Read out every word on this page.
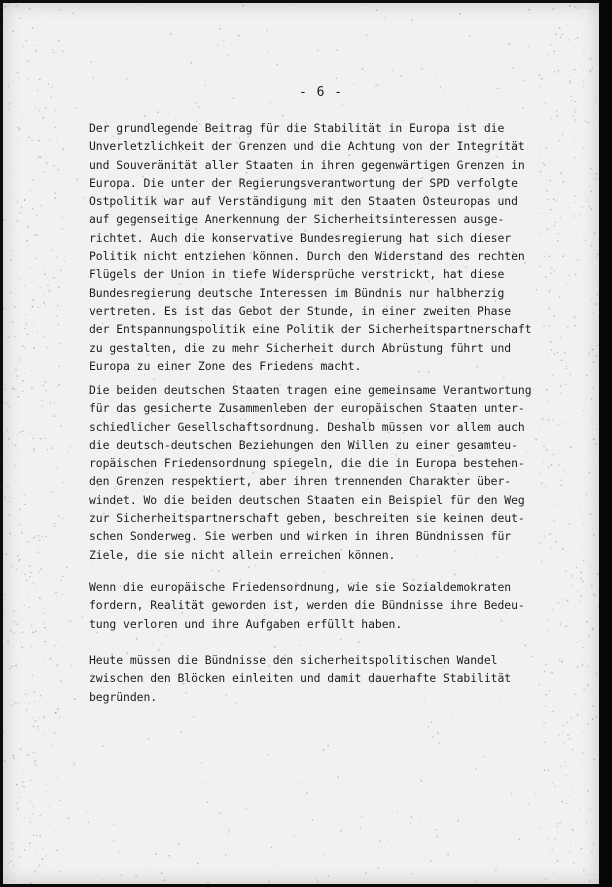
- 6 -

Der grundlegende Beitrag für die Stabilität in Europa ist die
Unverletzlichkeit der Grenzen und die Achtung von der Integrität
und Souveränität aller Staaten in ihren gegenwärtigen Grenzen in
Europa. Die unter der Regierungsverantwortung der SPD verfolgte
Ostpolitik war auf Verständigung mit den Staaten Osteuropas und
auf gegenseitige Anerkennung der Sicherheitsinteressen ausge-
richtet. Auch die konservative Bundesregierung hat sich dieser
Politik nicht entziehen können. Durch den Widerstand des rechten
Flügels der Union in tiefe Widersprüche verstrickt, hat diese
Bundesregierung deutsche Interessen im Bündnis nur halbherzig
vertreten. Es ist das Gebot der Stunde, in einer zweiten Phase
der Entspannungspolitik eine Politik der Sicherheitspartnerschaft
zu gestalten, die zu mehr Sicherheit durch Abrüstung führt und
Europa zu einer Zone des Friedens macht.

Die beiden deutschen Staaten tragen eine gemeinsame Verantwortung
für das gesicherte Zusammenleben der europäischen Staaten unter-
schiedlicher Gesellschaftsordnung. Deshalb müssen vor allem auch
die deutsch-deutschen Beziehungen den Willen zu einer gesamteu-
ropäischen Friedensordnung spiegeln, die die in Europa bestehen-
den Grenzen respektiert, aber ihren trennenden Charakter über-
windet. Wo die beiden deutschen Staaten ein Beispiel für den Weg
zur Sicherheitspartnerschaft geben, beschreiten sie keinen deut-
schen Sonderweg. Sie werben und wirken in ihren Bündnissen für
Ziele, die sie nicht allein erreichen können.

Wenn die europäische Friedensordnung, wie sie Sozialdemokraten
fordern, Realität geworden ist, werden die Bündnisse ihre Bedeu-
tung verloren und ihre Aufgaben erfüllt haben.

Heute müssen die Bündnisse den sicherheitspolitischen Wandel
zwischen den Blöcken einleiten und damit dauerhafte Stabilität
begründen.
